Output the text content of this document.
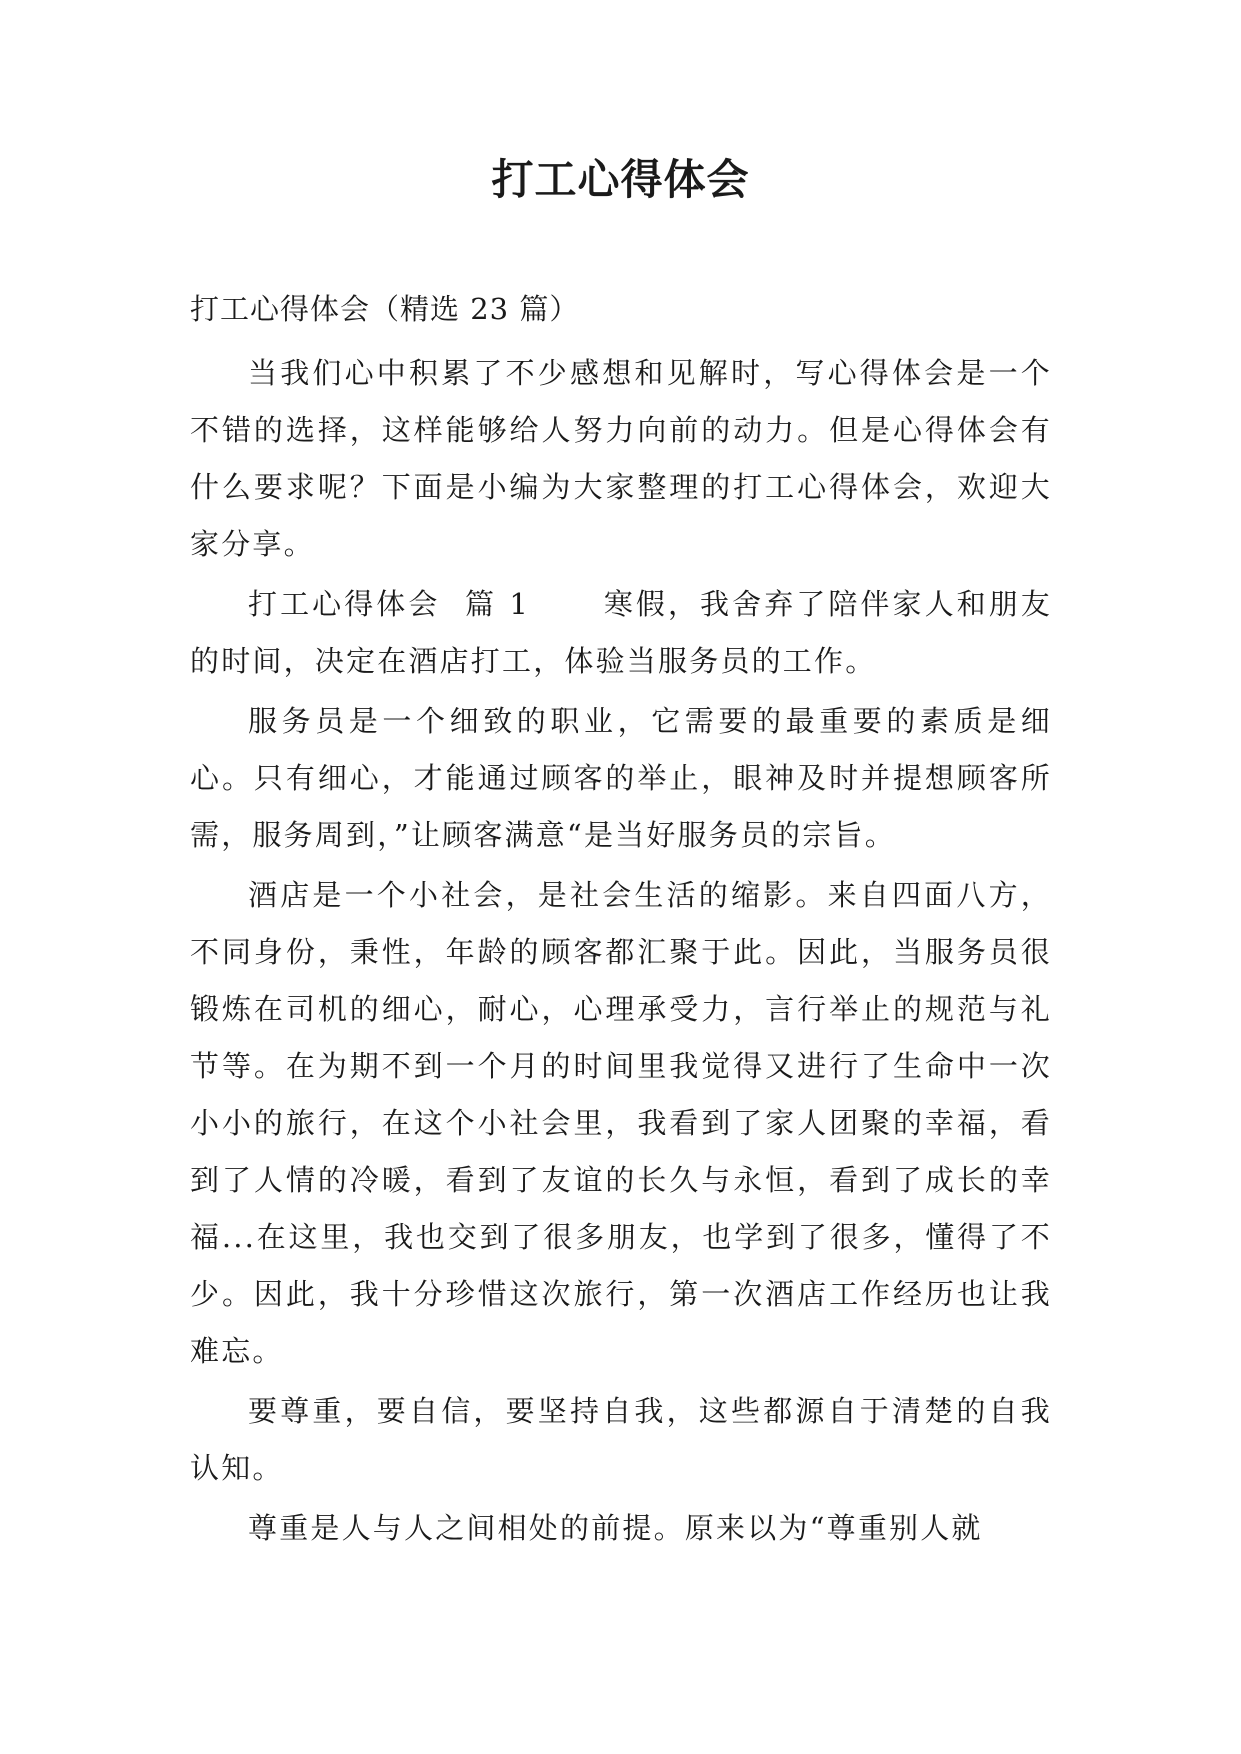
打工心得体会

打工心得体会（精选 23 篇）

当我们心中积累了不少感想和见解时，写心得体会是一个不错的选择，这样能够给人努力向前的动力。但是心得体会有什么要求呢？下面是小编为大家整理的打工心得体会，欢迎大家分享。

打工心得体会  篇 1      寒假，我舍弃了陪伴家人和朋友的时间，决定在酒店打工，体验当服务员的工作。

服务员是一个细致的职业，它需要的最重要的素质是细心。只有细心，才能通过顾客的举止，眼神及时并提想顾客所需，服务周到，”让顾客满意“是当好服务员的宗旨。

酒店是一个小社会，是社会生活的缩影。来自四面八方，不同身份，秉性，年龄的顾客都汇聚于此。因此，当服务员很锻炼在司机的细心，耐心，心理承受力，言行举止的规范与礼节等。在为期不到一个月的时间里我觉得又进行了生命中一次小小的旅行，在这个小社会里，我看到了家人团聚的幸福，看到了人情的冷暖，看到了友谊的长久与永恒，看到了成长的幸福...在这里，我也交到了很多朋友，也学到了很多，懂得了不少。因此，我十分珍惜这次旅行，第一次酒店工作经历也让我难忘。

要尊重，要自信，要坚持自我，这些都源自于清楚的自我认知。

尊重是人与人之间相处的前提。原来以为“尊重别人就
